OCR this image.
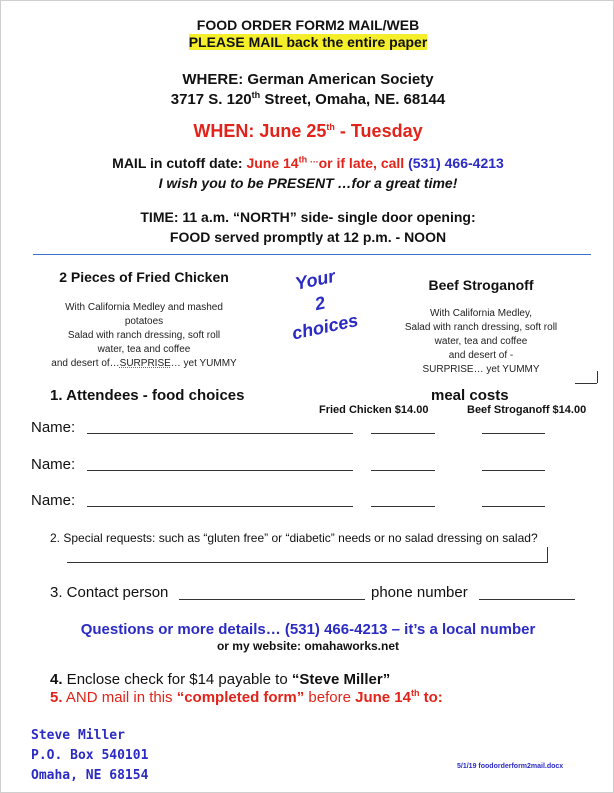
FOOD ORDER FORM2 MAIL/WEB
PLEASE MAIL back the entire paper
WHERE: German American Society
3717 S. 120th Street, Omaha, NE. 68144
WHEN: June 25th - Tuesday
MAIL in cutoff date: June $14^{th \dots}or$ if late, call (531) 466-4213
I wish you to be PRESENT …for a great time!
TIME: 11 a.m. “NORTH” side- single door opening:
FOOD served promptly at 12 p.m. - NOON
2 Pieces of Fried Chicken
With California Medley and mashed
potatoes
Salad with ranch dressing, soft roll
water, tea and coffee
and desert of…SURPRISE… yet YUMMY
Your
2
choices
Beef Stroganoff
With California Medley,
Salad with ranch dressing, soft roll
water, tea and coffee
and desert of -
SURPRISE… yet YUMMY
1. Attendees - food choices	meal costs
Fried Chicken $14.00	Beef Stroganoff $14.00
Name:
Name:
Name:
2. Special requests: such as “gluten free” or “diabetic” needs or no salad dressing on salad?
3. Contact person	phone number
Questions or more details… (531) 466-4213 – it’s a local number
or my website: omahaworks.net
4. Enclose check for $14 payable to “Steve Miller”
5. AND mail in this “completed form” before June 14th to:
Steve Miller
P.O. Box 540101
Omaha, NE 68154
5/1/19 foodorderform2mail.docx
